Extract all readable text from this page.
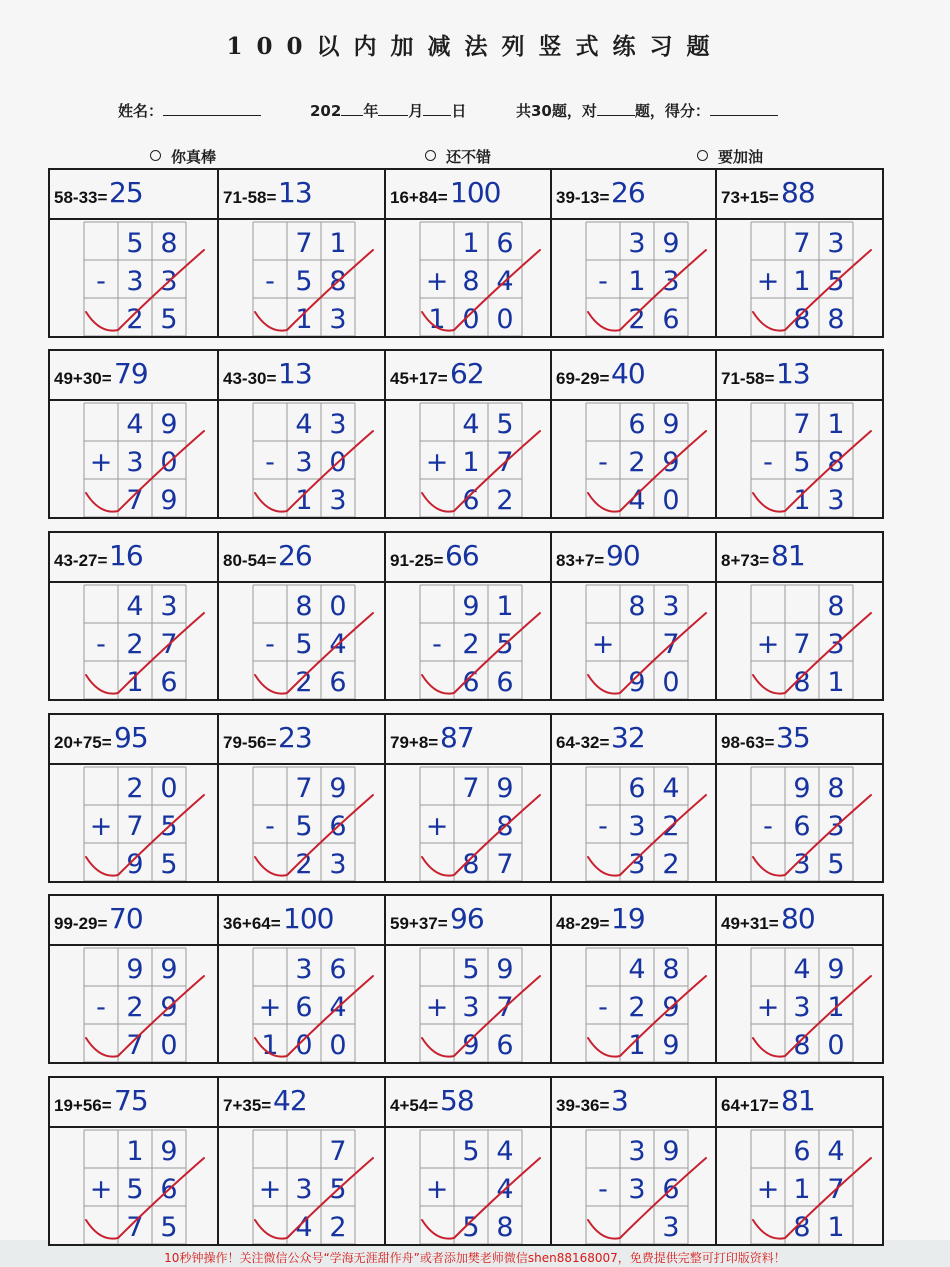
100以内加减法列竖式练习题
姓名：	202 年 月 日	共30题，对	题，得分：
你真棒	还不错	要加油
58-33= 25
5 8
- 3 3
2 5
71-58= 13
7 1
- 5 8
1 3
16+84= 100
1 6
+ 8 4
1 0 0
39-13= 26
3 9
- 1 3
2 6
73+15= 88
7 3
+ 1 5
8 8
49+30= 79
4 9
+ 3 0
7 9
43-30= 13
4 3
- 3 0
1 3
45+17= 62
4 5
+ 1 7
6 2
69-29= 40
6 9
- 2 9
4 0
71-58= 13
7 1
- 5 8
1 3
43-27= 16
4 3
- 2 7
1 6
80-54= 26
8 0
- 5 4
2 6
91-25= 66
9 1
- 2 5
6 6
83+7= 90
8 3
+ 7
9 0
8+73= 81
8
+ 7 3
8 1
20+75= 95
2 0
+ 7 5
9 5
79-56= 23
7 9
- 5 6
2 3
79+8= 87
7 9
+ 8
8 7
64-32= 32
6 4
- 3 2
3 2
98-63= 35
9 8
- 6 3
3 5
99-29= 70
9 9
- 2 9
7 0
36+64= 100
3 6
+ 6 4
1 0 0
59+37= 96
5 9
+ 3 7
9 6
48-29= 19
4 8
- 2 9
1 9
49+31= 80
4 9
+ 3 1
8 0
19+56= 75
1 9
+ 5 6
7 5
7+35= 42
7
+ 3 5
4 2
4+54= 58
5 4
+ 4
5 8
39-36= 3
3 9
- 3 6
3
64+17= 81
6 4
+ 1 7
8 1
10秒钟操作！关注微信公众号“学海无涯甜作舟”或者添加樊老师微信shen88168007，免费提供完整可打印版资料！
